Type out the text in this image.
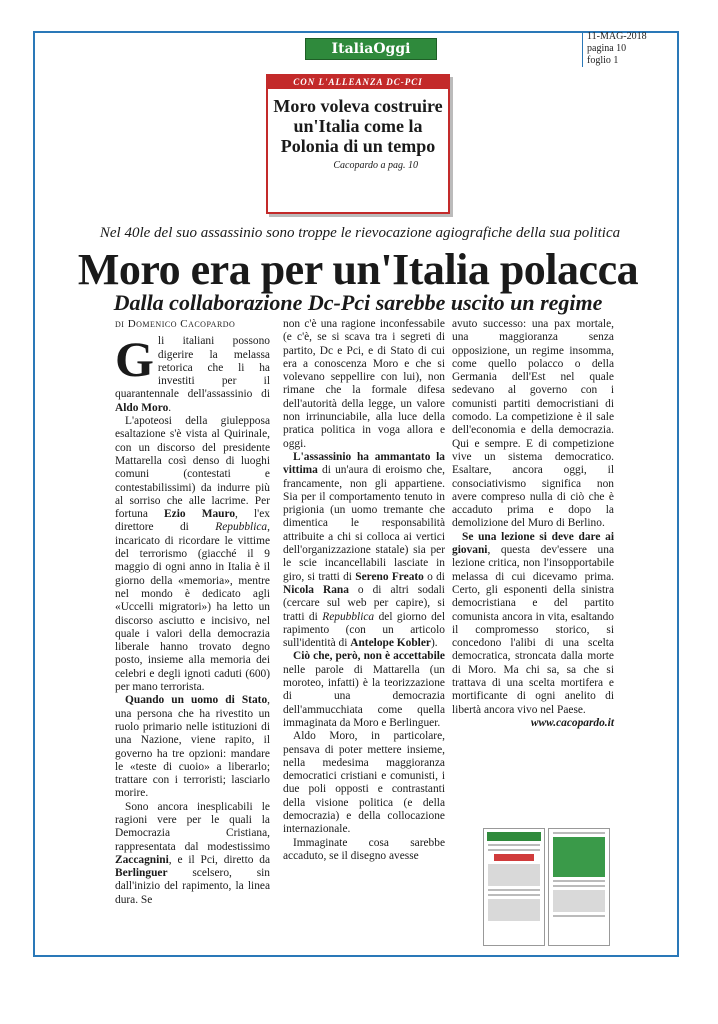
ItaliaOggi
11-MAG-2018
pagina 10
foglio 1
CON L'ALLEANZA DC-PCI
Moro voleva costruire un'Italia come la Polonia di un tempo
Cacopardo a pag. 10
Nel 40le del suo assassinio sono troppe le rievocazione agiografiche della sua politica
Moro era per un'Italia polacca
Dalla collaborazione Dc-Pci sarebbe uscito un regime

di Domenico Cacopardo

Gli italiani possono digerire la melassa retorica che li ha investiti per il quarantennale dell'assassinio di Aldo Moro.

L'apoteosi della giulepposa esaltazione s'è vista al Quirinale, con un discorso del presidente Mattarella così denso di luoghi comuni (contestati e contestabilissimi) da indurre più al sorriso che alle lacrime. Per fortuna Ezio Mauro, l'ex direttore di Repubblica, incaricato di ricordare le vittime del terrorismo (giacché il 9 maggio di ogni anno in Italia è il giorno della «memoria», mentre nel mondo è dedicato agli «Uccelli migratori») ha letto un discorso asciutto e incisivo, nel quale i valori della democrazia liberale hanno trovato degno posto, insieme alla memoria dei celebri e degli ignoti caduti (600) per mano terrorista.

Quando un uomo di Stato, una persona che ha rivestito un ruolo primario nelle istituzioni di una Nazione, viene rapito, il governo ha tre opzioni: mandare le «teste di cuoio» a liberarlo; trattare con i terroristi; lasciarlo morire.

Sono ancora inesplicabili le ragioni vere per le quali la Democrazia Cristiana, rappresentata dal modestissimo Zaccagnini, e il Pci, diretto da Berlinguer scelsero, sin dall'inizio del rapimento, la linea dura. Se

non c'è una ragione inconfessabile (e c'è, se si scava tra i segreti di partito, Dc e Pci, e di Stato di cui era a conoscenza Moro e che si volevano seppellire con lui), non rimane che la formale difesa dell'autorità della legge, un valore non irrinunciabile, alla luce della pratica politica in voga allora e oggi.

L'assassinio ha ammantato la vittima di un'aura di eroismo che, francamente, non gli appartiene. Sia per il comportamento tenuto in prigionia (un uomo tremante che dimentica le responsabilità attribuite a chi si colloca ai vertici dell'organizzazione statale) sia per le scie incancellabili lasciate in giro, si tratti di Sereno Freato o di Nicola Rana o di altri sodali (cercare sul web per capire), si tratti di Repubblica del giorno del rapimento (con un articolo sull'identità di Antelope Kobler).

Ciò che, però, non è accettabile nelle parole di Mattarella (un moroteo, infatti) è la teorizzazione di una democrazia dell'ammucchiata come quella immaginata da Moro e Berlinguer.

Aldo Moro, in particolare, pensava di poter mettere insieme, nella medesima maggioranza democratici cristiani e comunisti, i due poli opposti e contrastanti della visione politica (e della democrazia) e della collocazione internazionale.

Immaginate cosa sarebbe accaduto, se il disegno avesse

avuto successo: una pax mortale, una maggioranza senza opposizione, un regime insomma, come quello polacco o della Germania dell'Est nel quale sedevano al governo con i comunisti partiti democristiani di comodo. La competizione è il sale dell'economia e della democrazia. Qui e sempre. E di competizione vive un sistema democratico. Esaltare, ancora oggi, il consociativismo significa non avere compreso nulla di ciò che è accaduto prima e dopo la demolizione del Muro di Berlino.

Se una lezione si deve dare ai giovani, questa dev'essere una lezione critica, non l'insopportabile melassa di cui dicevamo prima. Certo, gli esponenti della sinistra democristiana e del partito comunista ancora in vita, esaltando il compromesso storico, si concedono l'alibi di una scelta democratica, stroncata dalla morte di Moro. Ma chi sa, sa che si trattava di una scelta mortifera e mortificante di ogni anelito di libertà ancora vivo nel Paese.

www.cacopardo.it
